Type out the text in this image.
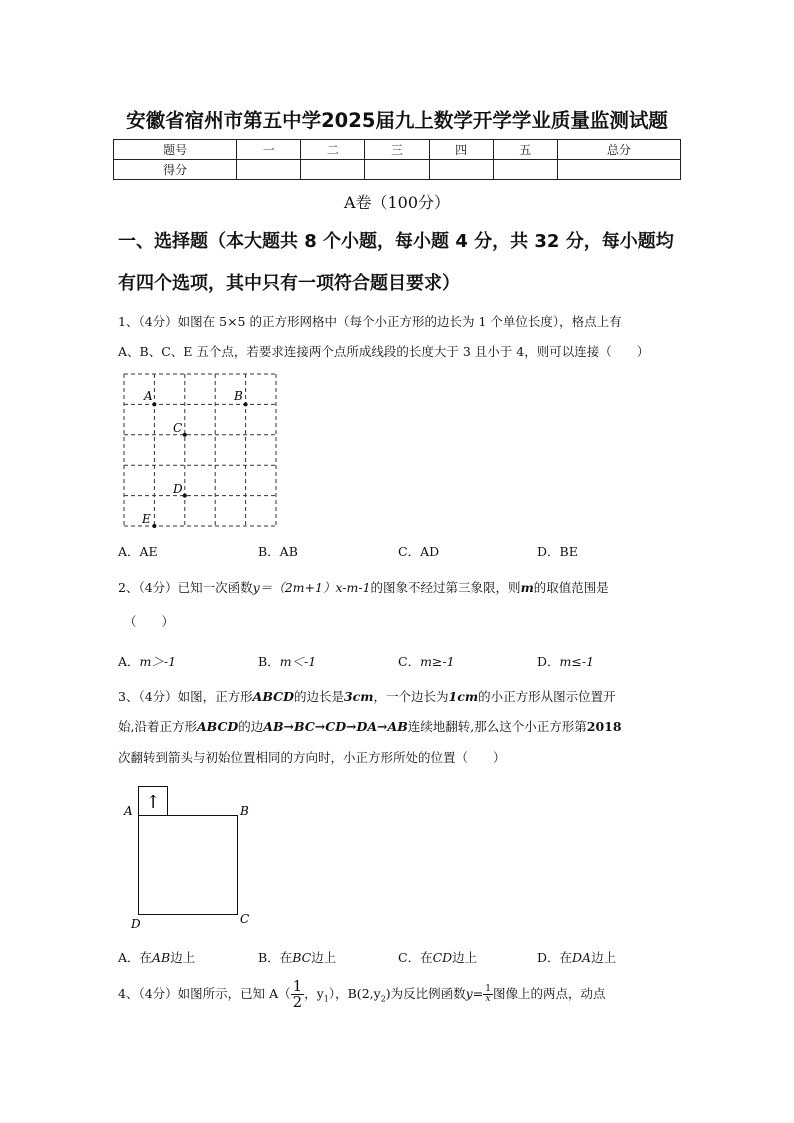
安徽省宿州市第五中学2025届九上数学开学学业质量监测试题
题号	一	二	三	四	五	总分
得分						
A卷（100分）
一、选择题（本大题共 8 个小题，每小题 4 分，共 32 分，每小题均
有四个选项，其中只有一项符合题目要求）
1、（4分）如图在 5×5 的正方形网格中（每个小正方形的边长为 1 个单位长度），格点上有
A、B、C、E 五个点，若要求连接两个点所成线段的长度大于 3 且小于 4，则可以连接（　　）
A	B
C
D
E
A．AE	B．AB	C．AD	D．BE
2、（4分）已知一次函数y＝（2m+1）x-m-1的图象不经过第三象限，则m的取值范围是
（　　）
A．m＞-1	B．m＜-1	C．m≥-1	D．m≤-1
3、（4分）如图，正方形ABCD的边长是3cm，一个边长为1cm的小正方形从图示位置开
始,沿着正方形ABCD的边AB→BC→CD→DA→AB连续地翻转,那么这个小正方形第2018
次翻转到箭头与初始位置相同的方向时，小正方形所处的位置（　　）
↑
A	B
C
D
A．在AB边上	B．在BC边上	C．在CD边上	D．在DA边上
4、（4分）如图所示，已知 $A( \frac{1}{2}$ ，$y_1$），$B(2,y_2)$为反比例函数$y= \frac{1}{x}$ 图像上的两点，动点
